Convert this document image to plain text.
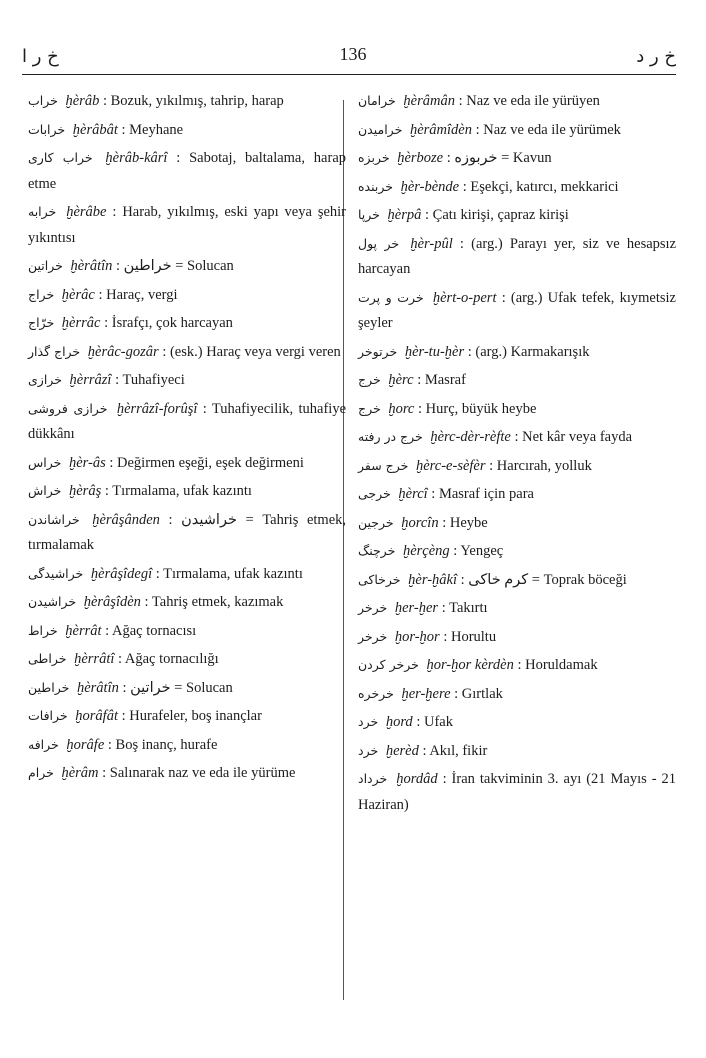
خ ر ا	136	خ ر د
خراب ḫèrâb : Bozuk, yıkılmış, tahrip, harap
خرابات ḫèrâbât : Meyhane
خراب كارى ḫèrâb-kârî : Sabotaj, baltalama, harap etme
خرابه ḫèrâbe : Harab, yıkılmış, eski yapı veya şehir yıkıntısı
خراتين ḫèrâtîn : خراطين = Solucan
خراج ḫèrâc : Haraç, vergi
خرّاج ḫèrrâc : İsrafçı, çok harcayan
خراج گذار ḫèrâc-gozâr : (esk.) Haraç veya vergi veren
خرازى ḫèrrâzî : Tuhafiyeci
خرازى فروشى ḫèrrâzî-forûşî : Tuhafiyecilik, tuhafiye dükkânı
خراس ḫèr-âs : Değirmen eşeği, eşek değirmeni
خراش ḫèrâş : Tırmalama, ufak kazıntı
خراشاندن ḫèrâşânden : خراشيدن = Tahriş etmek, tırmalamak
خراشيدگى ḫèrâşîdegî : Tırmalama, ufak kazıntı
خراشيدن ḫèrâşîdèn : Tahriş etmek, kazımak
خراط ḫèrrât : Ağaç tornacısı
خراطى ḫèrrâtî : Ağaç tornacılığı
خراطين ḫèrâtîn : خراتين = Solucan
خرافات ḫorâfât : Hurafeler, boş inançlar
خرافه ḫorâfe : Boş inanç, hurafe
خرام ḫèrâm : Salınarak naz ve eda ile yürüme
خرامان ḫèrâmân : Naz ve eda ile yürüyen
خراميدن ḫèrâmîdèn : Naz ve eda ile yürümek
خربزه ḫèrboze : خربوزه = Kavun
خربنده ḫèr-bènde : Eşekçi, katırcı, mekkarici
خرپا ḫèrpâ : Çatı kirişi, çapraz kirişi
خر پول ḫèr-pûl : (arg.) Parayı yer, siz ve hesapsız harcayan
خرت و پرت ḫèrt-o-pert : (arg.) Ufak tefek, kıymetsiz şeyler
خرتوخر ḫèr-tu-ḫèr : (arg.) Karmakarışık
خرج ḫèrc : Masraf
خرج ḫorc : Hurç, büyük heybe
خرج در رفته ḫèrc-dèr-rèfte : Net kâr veya fayda
خرج سفر ḫèrc-e-sèfèr : Harcırah, yolluk
خرجى ḫèrcî : Masraf için para
خرجين ḫorcîn : Heybe
خرچنگ ḫèrçèng : Yengeç
خرخاكى ḫèr-ḫâkî : كرم خاكى = Toprak böceği
خرخر ḫer-ḫer : Takırtı
خرخر ḫor-ḫor : Horultu
خرخر كردن ḫor-ḫor kèrdèn : Horuldamak
خرخره ḫer-ḫere : Gırtlak
خرد ḫord : Ufak
خرد ḫerèd : Akıl, fikir
خرداد ḫordâd : İran takviminin 3. ayı (21 Mayıs - 21 Haziran)
